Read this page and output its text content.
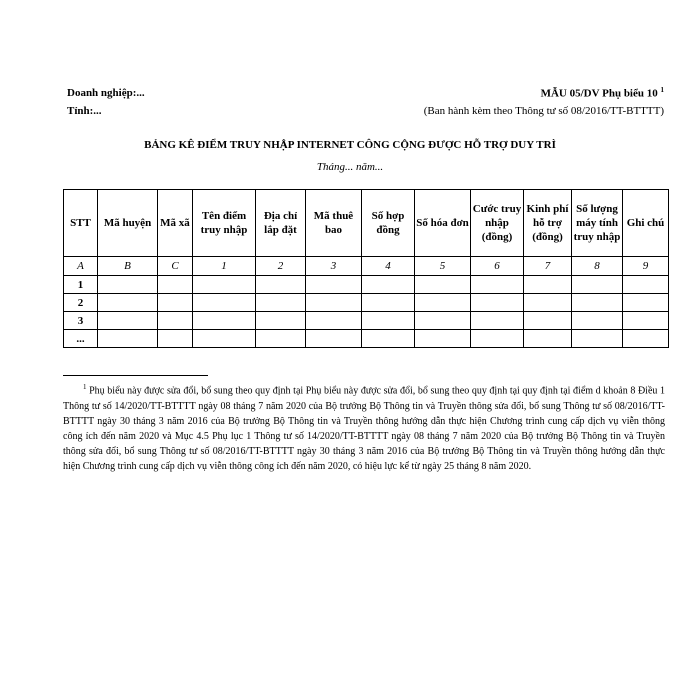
Doanh nghiệp:...
Tỉnh:...
MẪU 05/DV Phụ biểu 10 $^1$
(Ban hành kèm theo Thông tư số 08/2016/TT-BTTTT)
BẢNG KÊ ĐIỂM TRUY NHẬP INTERNET CÔNG CỘNG ĐƯỢC HỖ TRỢ DUY TRÌ
Tháng... năm...
STT	Mã huyện	Mã xã	Tên điểm truy nhập	Địa chỉ lắp đặt	Mã thuê bao	Số hợp đồng	Số hóa đơn	Cước truy nhập (đồng)	Kinh phí hỗ trợ (đồng)	Số lượng máy tính truy nhập	Ghi chú
A	B	C	1	2	3	4	5	6	7	8	9
1											
2											
3											
...											
$^1$ Phụ biểu này được sửa đổi, bổ sung theo quy định tại Phụ biểu này được sửa đổi, bổ sung theo quy định tại quy định tại điểm d khoản 8 Điều 1 Thông tư số 14/2020/TT-BTTTT ngày 08 tháng 7 năm 2020 của Bộ trưởng Bộ Thông tin và Truyền thông sửa đổi, bổ sung Thông tư số 08/2016/TT-BTTTT ngày 30 tháng 3 năm 2016 của Bộ trưởng Bộ Thông tin và Truyền thông hướng dẫn thực hiện Chương trình cung cấp dịch vụ viễn thông công ích đến năm 2020 và Mục 4.5 Phụ lục 1 Thông tư số 14/2020/TT-BTTTT ngày 08 tháng 7 năm 2020 của Bộ trưởng Bộ Thông tin và Truyền thông sửa đổi, bổ sung Thông tư số 08/2016/TT-BTTTT ngày 30 tháng 3 năm 2016 của Bộ trưởng Bộ Thông tin và Truyền thông hướng dẫn thực hiện Chương trình cung cấp dịch vụ viễn thông công ích đến năm 2020, có hiệu lực kể từ ngày 25 tháng 8 năm 2020.
